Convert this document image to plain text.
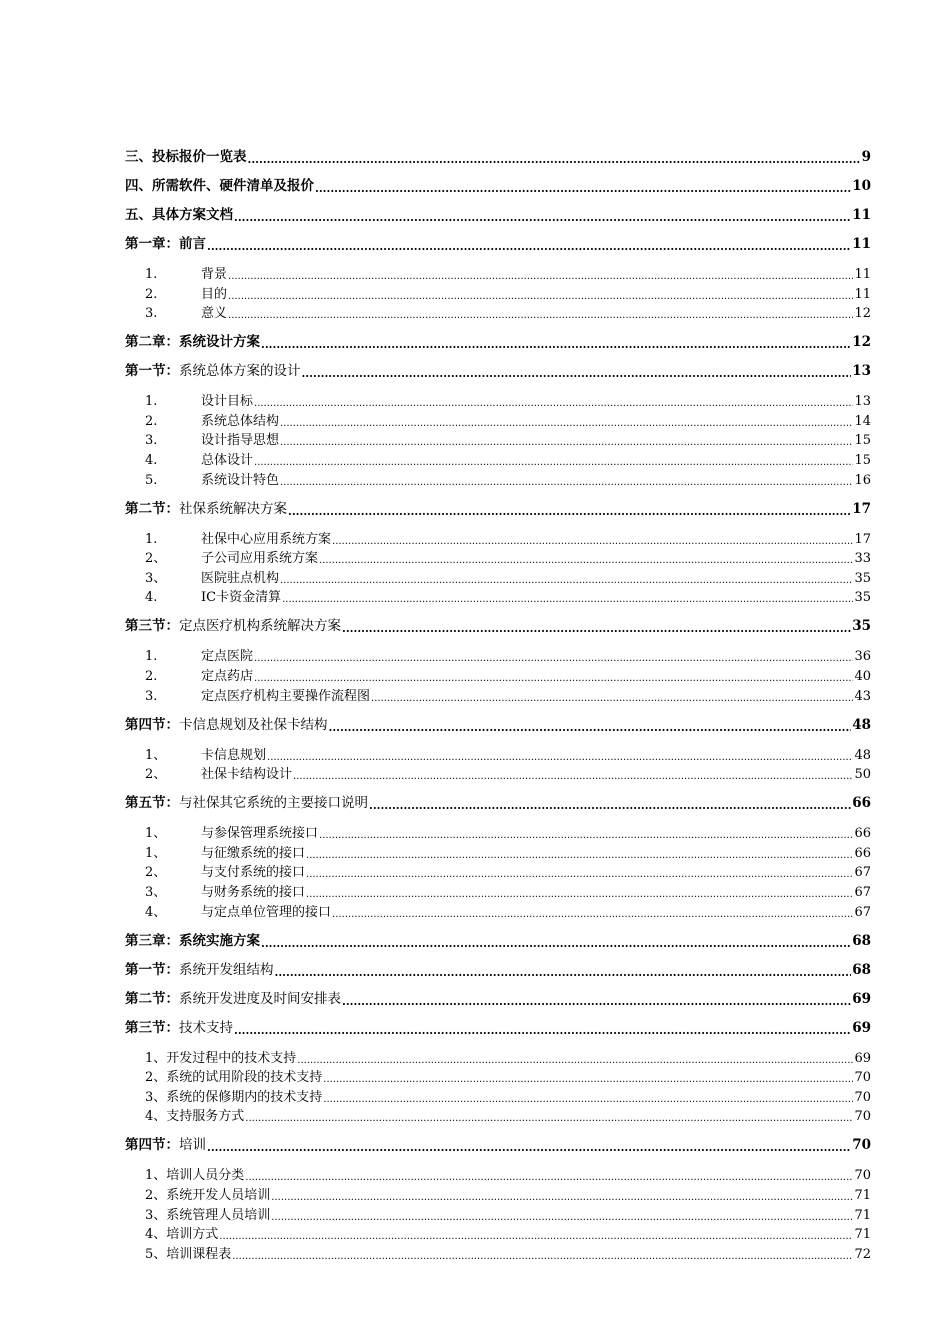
三、投标报价一览表 .....	9
四、所需软件、硬件清单及报价 .....	10
五、具体方案文档 .....	11
第一章：前言 .....	11
1.	背景 .....	11
2.	目的 .....	11
3.	意义 .....	12
第二章：系统设计方案 .....	12
第一节：系统总体方案的设计 .....	13
1.	设计目标 .....	13
2.	系统总体结构 .....	14
3.	设计指导思想 .....	15
4.	总体设计 .....	15
5.	系统设计特色 .....	16
第二节：社保系统解决方案 .....	17
1.	社保中心应用系统方案 .....	17
2、	子公司应用系统方案 .....	33
3、	医院驻点机构 .....	35
4.	IC卡资金清算 .....	35
第三节：定点医疗机构系统解决方案 .....	35
1.	定点医院 .....	36
2.	定点药店 .....	40
3.	定点医疗机构主要操作流程图 .....	43
第四节：卡信息规划及社保卡结构 .....	48
1、	卡信息规划 .....	48
2、	社保卡结构设计 .....	50
第五节：与社保其它系统的主要接口说明 .....	66
1、	与参保管理系统接口 .....	66
1、	与征缴系统的接口 .....	66
2、	与支付系统的接口 .....	67
3、	与财务系统的接口 .....	67
4、	与定点单位管理的接口 .....	67
第三章：系统实施方案 .....	68
第一节：系统开发组结构 .....	68
第二节：系统开发进度及时间安排表 .....	69
第三节：技术支持 .....	69
1、开发过程中的技术支持 .....	69
2、系统的试用阶段的技术支持 .....	70
3、系统的保修期内的技术支持 .....	70
4、支持服务方式 .....	70
第四节：培训 .....	70
1、培训人员分类 .....	70
2、系统开发人员培训 .....	71
3、系统管理人员培训 .....	71
4、培训方式 .....	71
5、培训课程表 .....	72
